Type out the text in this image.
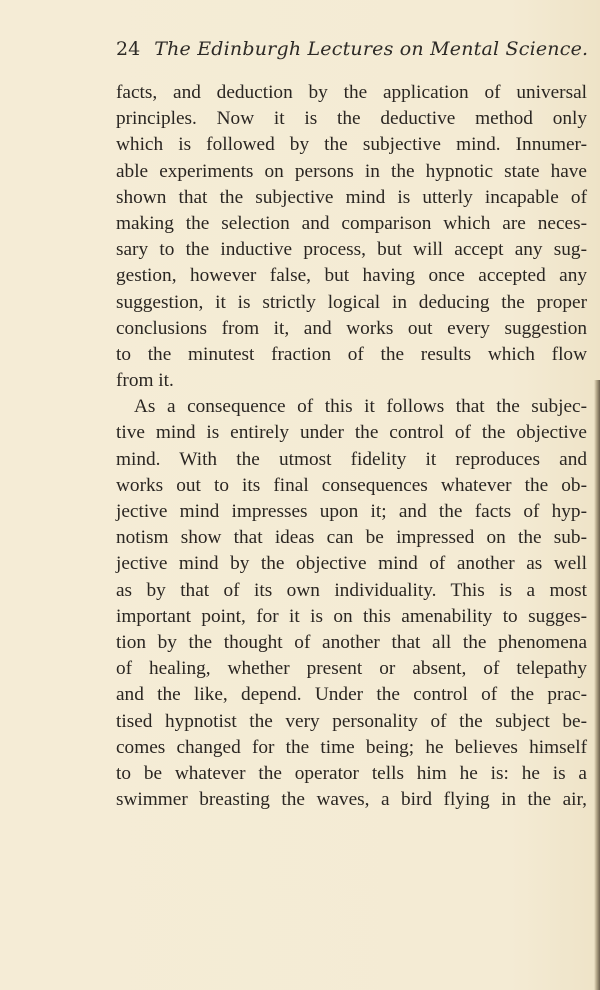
24 The Edinburgh Lectures on Mental Science.
facts, and deduction by the application of universal
principles. Now it is the deductive method only
which is followed by the subjective mind. Innumer-
able experiments on persons in the hypnotic state have
shown that the subjective mind is utterly incapable of
making the selection and comparison which are neces-
sary to the inductive process, but will accept any sug-
gestion, however false, but having once accepted any
suggestion, it is strictly logical in deducing the proper
conclusions from it, and works out every suggestion
to the minutest fraction of the results which flow
from it.
As a consequence of this it follows that the subjec-
tive mind is entirely under the control of the objective
mind. With the utmost fidelity it reproduces and
works out to its final consequences whatever the ob-
jective mind impresses upon it; and the facts of hyp-
notism show that ideas can be impressed on the sub-
jective mind by the objective mind of another as well
as by that of its own individuality. This is a most
important point, for it is on this amenability to sugges-
tion by the thought of another that all the phenomena
of healing, whether present or absent, of telepathy
and the like, depend. Under the control of the prac-
tised hypnotist the very personality of the subject be-
comes changed for the time being; he believes himself
to be whatever the operator tells him he is: he is a
swimmer breasting the waves, a bird flying in the air,
